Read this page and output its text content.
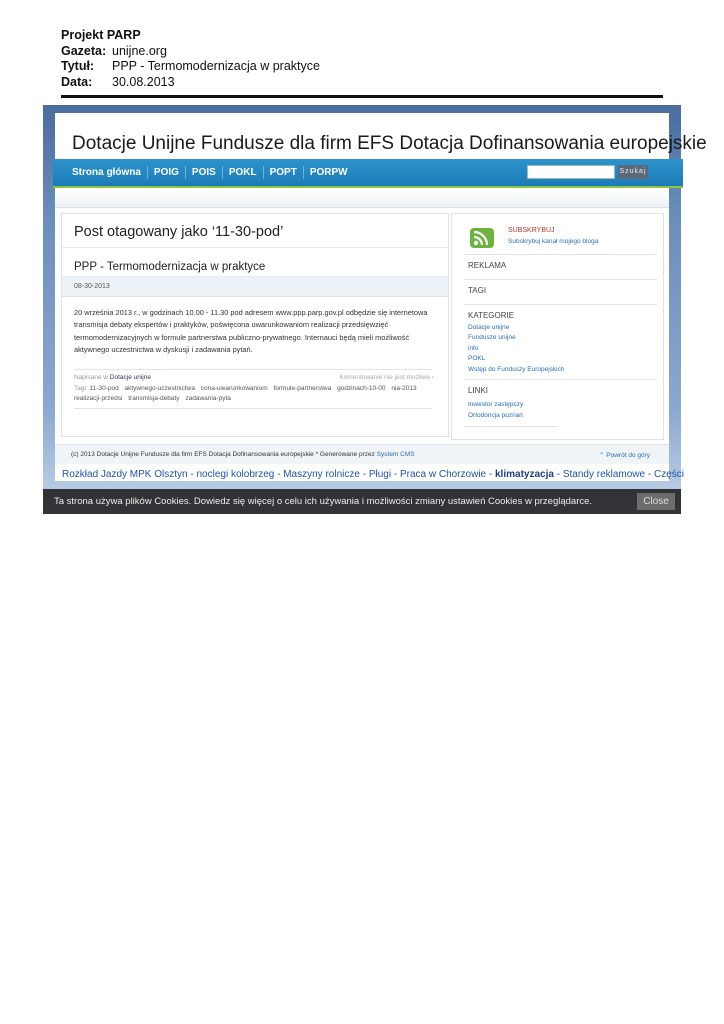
Projekt PARP
Gazeta: unijne.org
Tytuł:	PPP - Termomodernizacja w praktyce
Data:	30.08.2013
Dotacje Unijne Fundusze dla firm EFS Dotacja Dofinansowania europejskie
Strona główna	POIG	POIS	POKL	POPT	PORPW	Szukaj
Post otagowany jako ‘11-30-pod’
PPP - Termomodernizacja w praktyce
08-30-2013
20 września 2013 r., w godzinach 10.00 - 11.30 pod adresem www.ppp.parp.gov.pl odbędzie się internetowa transmisja debaty ekspertów i praktyków, poświęcona uwarunkowaniom realizacji przedsięwzięć termomodernizacyjnych w formule partnerstwa publiczno-prywatnego. Internauci będą mieli możliwość aktywnego uczestnictwa w dyskusji i zadawania pytań.
Napisane w Dotacje unijne	Komentowanie nie jest możliwe ›
Tagi: 11-30-pod aktywnego-uczestnictwa cona-uwarunkowaniom formule-partnerstwa godzinach-10-00 nia-2013 realizacji-przedsi transmisja-debaty zadawania-pyta
SUBSKRYBUJ
Subskrybuj kanał mojego bloga
REKLAMA
TAGI
KATEGORIE
Dotacje unijne
Fundusze unijne
info
POKL
Wstęp do Funduszy Europejskich
LINKI
Inwestor zastępczy
Ortodoncja poznań
(c) 2013 Dotacje Unijne Fundusze dla firm EFS Dotacja Dofinansowania europejskie * Generowane przez System CMS	⌃ Powrót do góry
Rozkład Jazdy MPK Olsztyn - noclegi kolobrzeg - Maszyny rolnicze - Pługi - Praca w Chorzowie - klimatyzacja - Standy reklamowe - Części
Ta strona używa plików Cookies. Dowiedz się więcej o celu ich używania i możliwości zmiany ustawień Cookies w przeglądarce.	Close
